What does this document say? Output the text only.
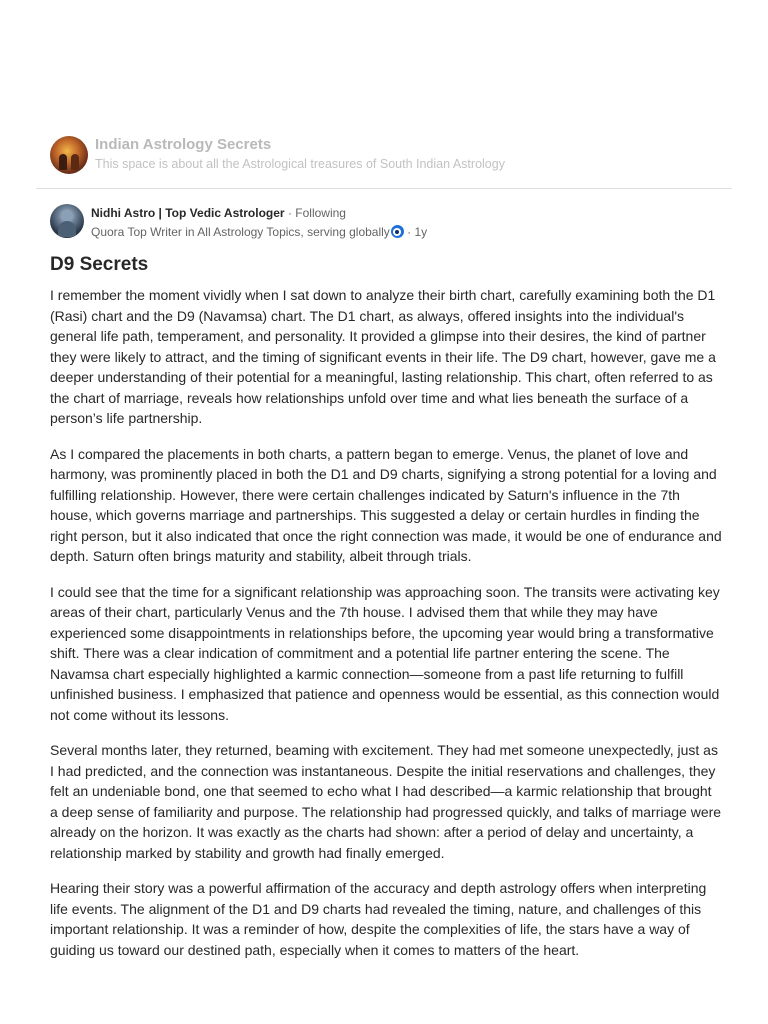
Indian Astrology Secrets
This space is about all the Astrological treasures of South Indian Astrology
Nidhi Astro | Top Vedic Astrologer · Following
Quora Top Writer in All Astrology Topics, serving globally · 1y
D9 Secrets

I remember the moment vividly when I sat down to analyze their birth chart, carefully examining both the D1 (Rasi) chart and the D9 (Navamsa) chart. The D1 chart, as always, offered insights into the individual's general life path, temperament, and personality. It provided a glimpse into their desires, the kind of partner they were likely to attract, and the timing of significant events in their life. The D9 chart, however, gave me a deeper understanding of their potential for a meaningful, lasting relationship. This chart, often referred to as the chart of marriage, reveals how relationships unfold over time and what lies beneath the surface of a person’s life partnership.

As I compared the placements in both charts, a pattern began to emerge. Venus, the planet of love and harmony, was prominently placed in both the D1 and D9 charts, signifying a strong potential for a loving and fulfilling relationship. However, there were certain challenges indicated by Saturn's influence in the 7th house, which governs marriage and partnerships. This suggested a delay or certain hurdles in finding the right person, but it also indicated that once the right connection was made, it would be one of endurance and depth. Saturn often brings maturity and stability, albeit through trials.

I could see that the time for a significant relationship was approaching soon. The transits were activating key areas of their chart, particularly Venus and the 7th house. I advised them that while they may have experienced some disappointments in relationships before, the upcoming year would bring a transformative shift. There was a clear indication of commitment and a potential life partner entering the scene. The Navamsa chart especially highlighted a karmic connection—someone from a past life returning to fulfill unfinished business. I emphasized that patience and openness would be essential, as this connection would not come without its lessons.

Several months later, they returned, beaming with excitement. They had met someone unexpectedly, just as I had predicted, and the connection was instantaneous. Despite the initial reservations and challenges, they felt an undeniable bond, one that seemed to echo what I had described—a karmic relationship that brought a deep sense of familiarity and purpose. The relationship had progressed quickly, and talks of marriage were already on the horizon. It was exactly as the charts had shown: after a period of delay and uncertainty, a relationship marked by stability and growth had finally emerged.

Hearing their story was a powerful affirmation of the accuracy and depth astrology offers when interpreting life events. The alignment of the D1 and D9 charts had revealed the timing, nature, and challenges of this important relationship. It was a reminder of how, despite the complexities of life, the stars have a way of guiding us toward our destined path, especially when it comes to matters of the heart.
